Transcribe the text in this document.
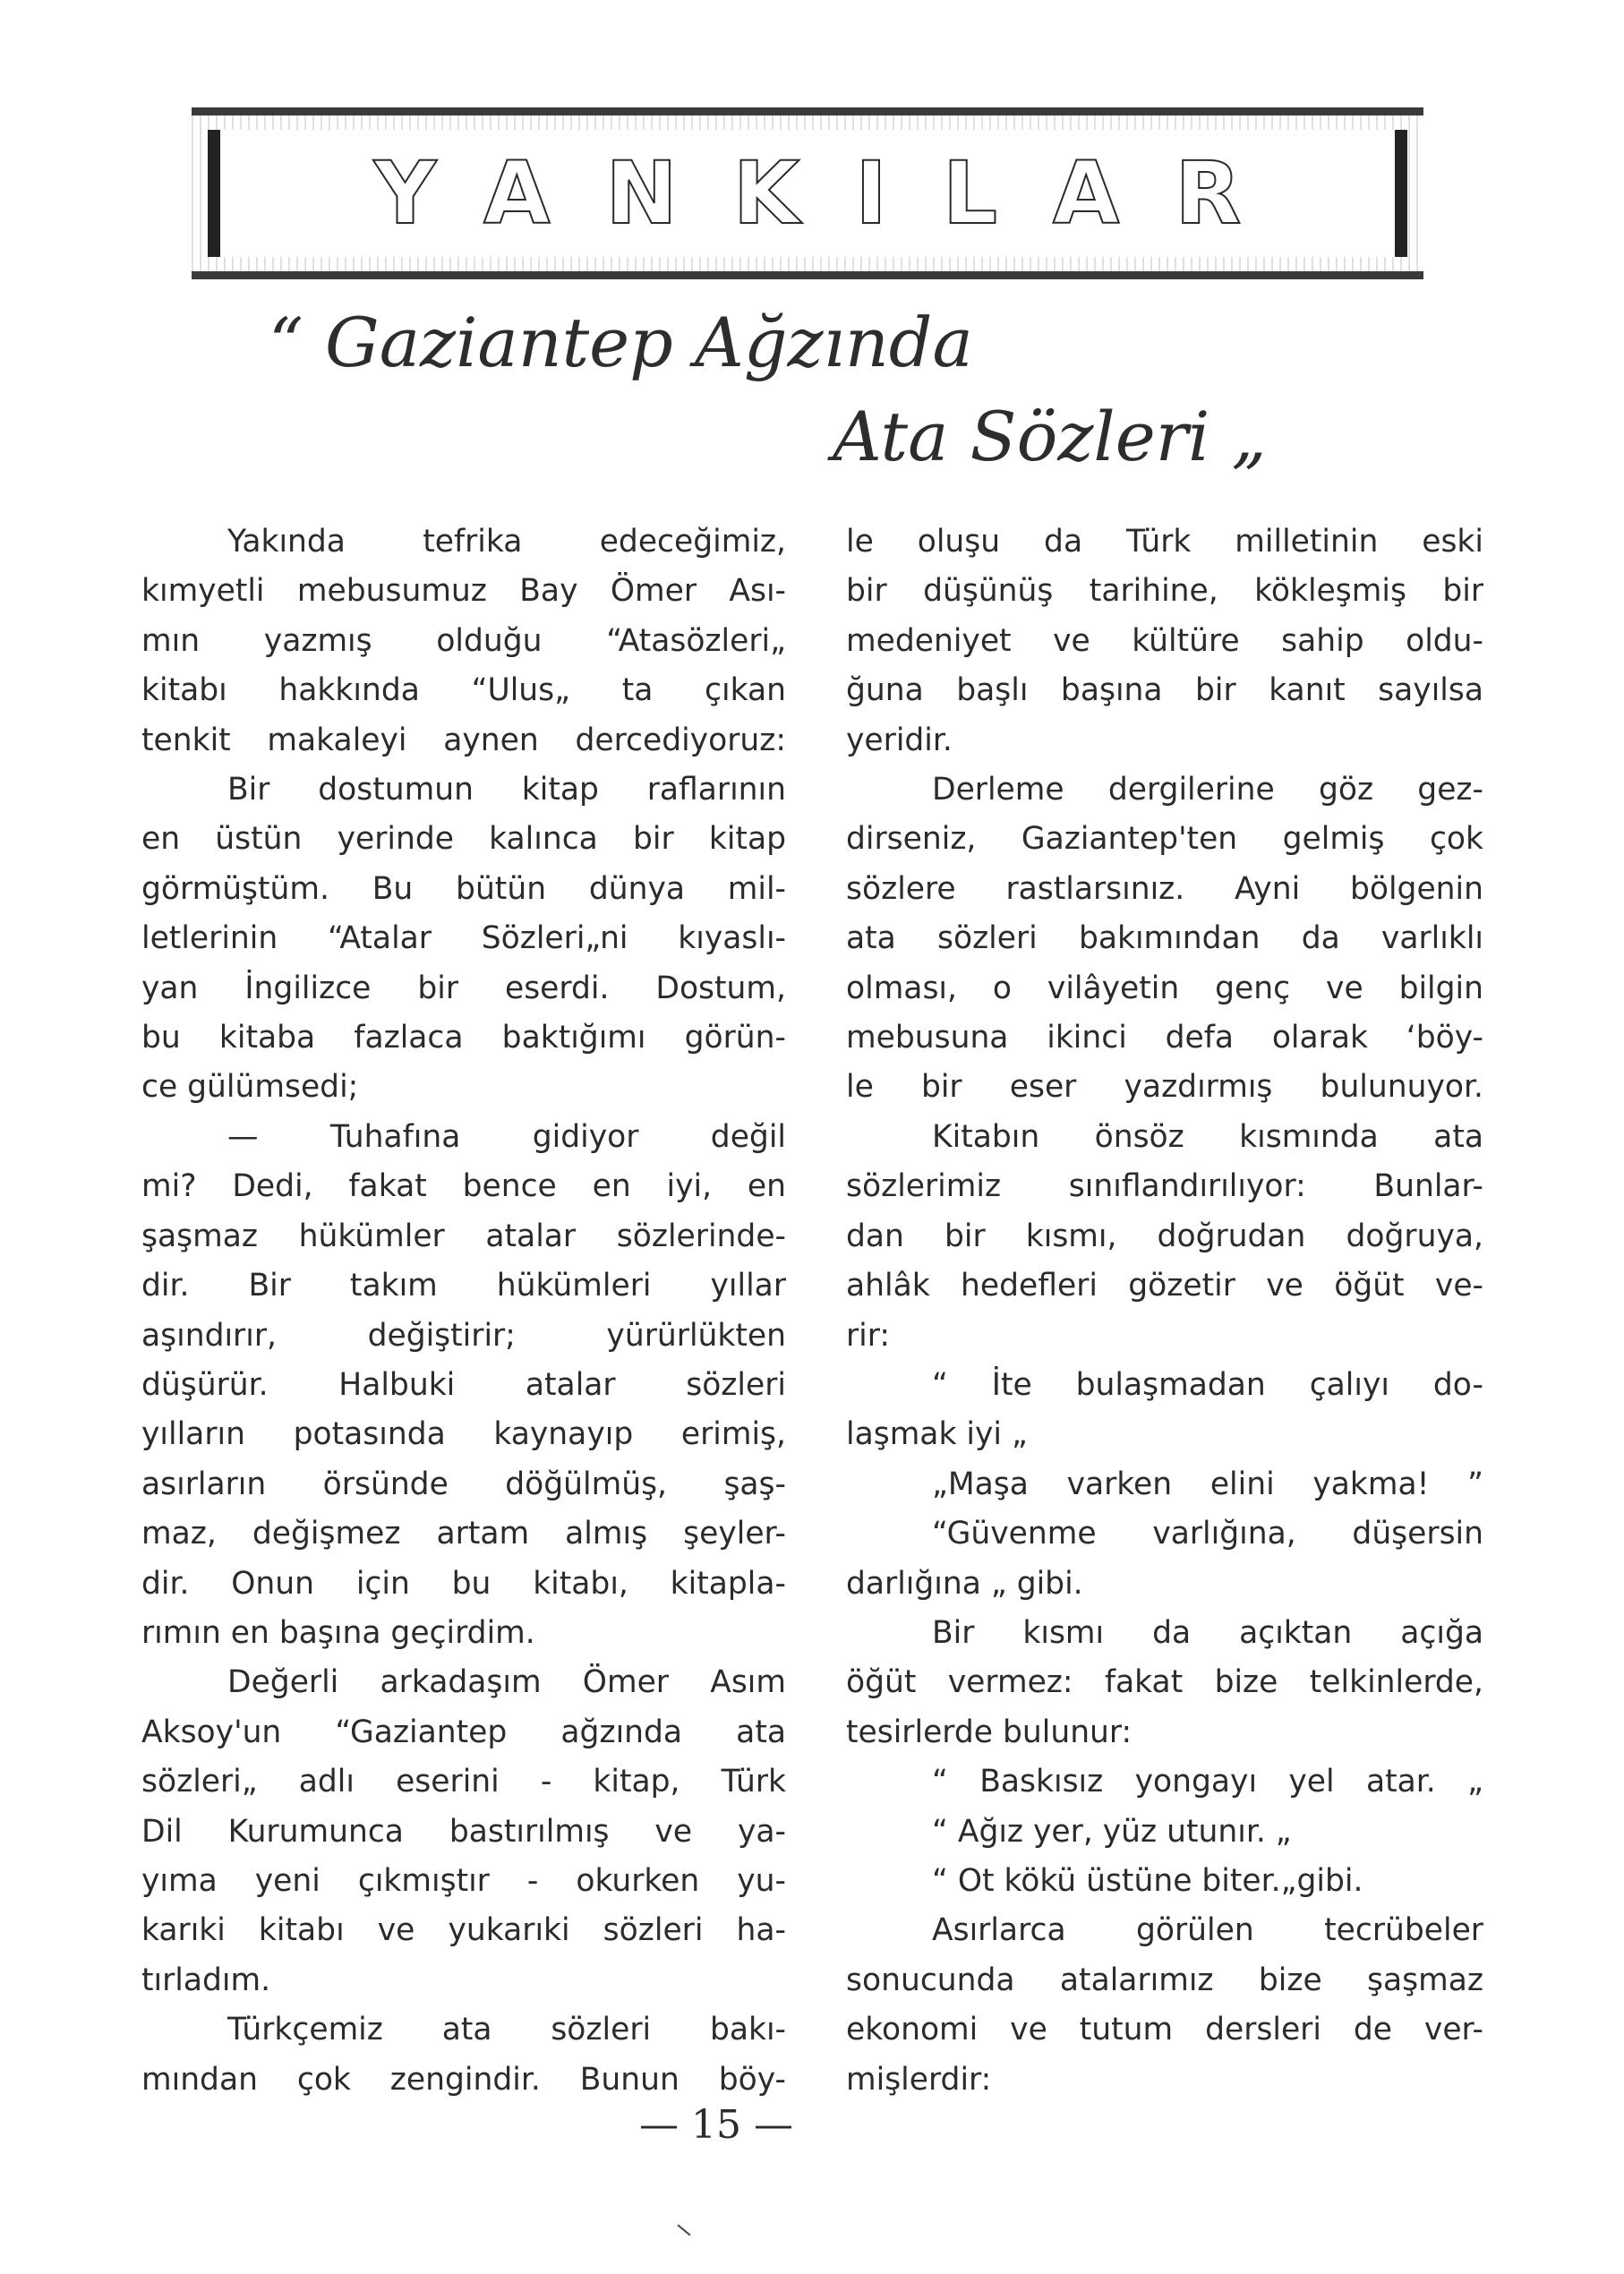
YANKILAR
“ Gaziantep Ağzında
Ata Sözleri „

Yakında tefrika edeceğimiz,

kımyetli mebusumuz Bay Ömer Ası-

mın yazmış olduğu “Atasözleri„

kitabı hakkında “Ulus„ ta çıkan

tenkit makaleyi aynen dercediyoruz:

Bir dostumun kitap raflarının

en üstün yerinde kalınca bir kitap

görmüştüm. Bu bütün dünya mil-

letlerinin “Atalar Sözleri„ni kıyaslı-

yan İngilizce bir eserdi. Dostum,

bu kitaba fazlaca baktığımı görün-

ce gülümsedi;

— Tuhafına gidiyor değil

mi? Dedi, fakat bence en iyi, en

şaşmaz hükümler atalar sözlerinde-

dir. Bir takım hükümleri yıllar

aşındırır, değiştirir; yürürlükten

düşürür. Halbuki atalar sözleri

yılların potasında kaynayıp erimiş,

asırların örsünde döğülmüş, şaş-

maz, değişmez artam almış şeyler-

dir. Onun için bu kitabı, kitapla-

rımın en başına geçirdim.

Değerli arkadaşım Ömer Asım

Aksoy'un “Gaziantep ağzında ata

sözleri„ adlı eserini - kitap, Türk

Dil Kurumunca bastırılmış ve ya-

yıma yeni çıkmıştır - okurken yu-

karıki kitabı ve yukarıki sözleri ha-

tırladım.

Türkçemiz ata sözleri bakı-

mından çok zengindir. Bunun böy-

le oluşu da Türk milletinin eski

bir düşünüş tarihine, kökleşmiş bir

medeniyet ve kültüre sahip oldu-

ğuna başlı başına bir kanıt sayılsa

yeridir.

Derleme dergilerine göz gez-

dirseniz, Gaziantep'ten gelmiş çok

sözlere rastlarsınız. Ayni bölgenin

ata sözleri bakımından da varlıklı

olması, o vilâyetin genç ve bilgin

mebusuna ikinci defa olarak ‘böy-

le bir eser yazdırmış bulunuyor.

Kitabın önsöz kısmında ata

sözlerimiz sınıflandırılıyor: Bunlar-

dan bir kısmı, doğrudan doğruya,

ahlâk hedefleri gözetir ve öğüt ve-

rir:

“ İte bulaşmadan çalıyı do-

laşmak iyi „

„Maşa varken elini yakma! ”

“Güvenme varlığına, düşersin

darlığına „ gibi.

Bir kısmı da açıktan açığa

öğüt vermez: fakat bize telkinlerde,

tesirlerde bulunur:

“ Baskısız yongayı yel atar. „

“ Ağız yer, yüz utunır. „

“ Ot kökü üstüne biter.„gibi.

Asırlarca görülen tecrübeler

sonucunda atalarımız bize şaşmaz

ekonomi ve tutum dersleri de ver-

mişlerdir:

— 15 —
